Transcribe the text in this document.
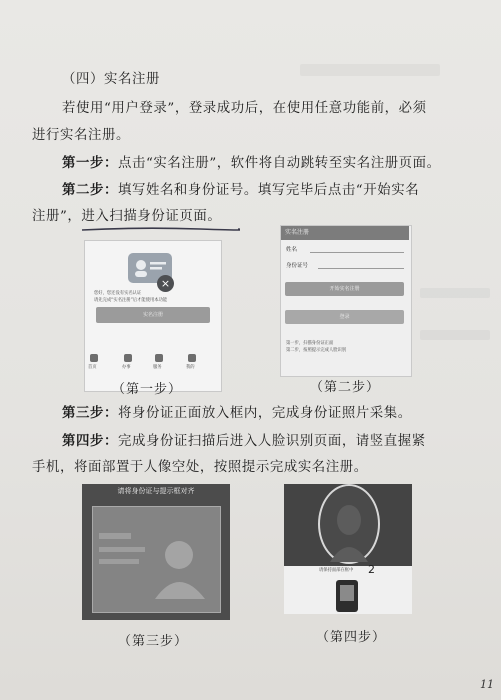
（四）实名注册
若使用“用户登录”，登录成功后，在使用任意功能前，必须
进行实名注册。
第一步：点击“实名注册”，软件将自动跳转至实名注册页面。
第二步：填写姓名和身份证号。填写完毕后点击“开始实名
注册”，进入扫描身份证页面。
×
您好，您还没有实名认证
请先完成“实名注册”后才能使用本功能
实名注册
首页	办事	服务	我的
（第一步）
实名注册
姓名
身份证号
开始实名注册
登录
第一步，扫描身份证正面
第二步，按照提示完成人脸识别
（第二步）
第三步：将身份证正面放入框内，完成身份证照片采集。
第四步：完成身份证扫描后进入人脸识别页面，请竖直握紧
手机，将面部置于人像空处，按照提示完成实名注册。
请将身份证与提示框对齐
（第三步）
请保持面部在框中 2
（第四步）
11
